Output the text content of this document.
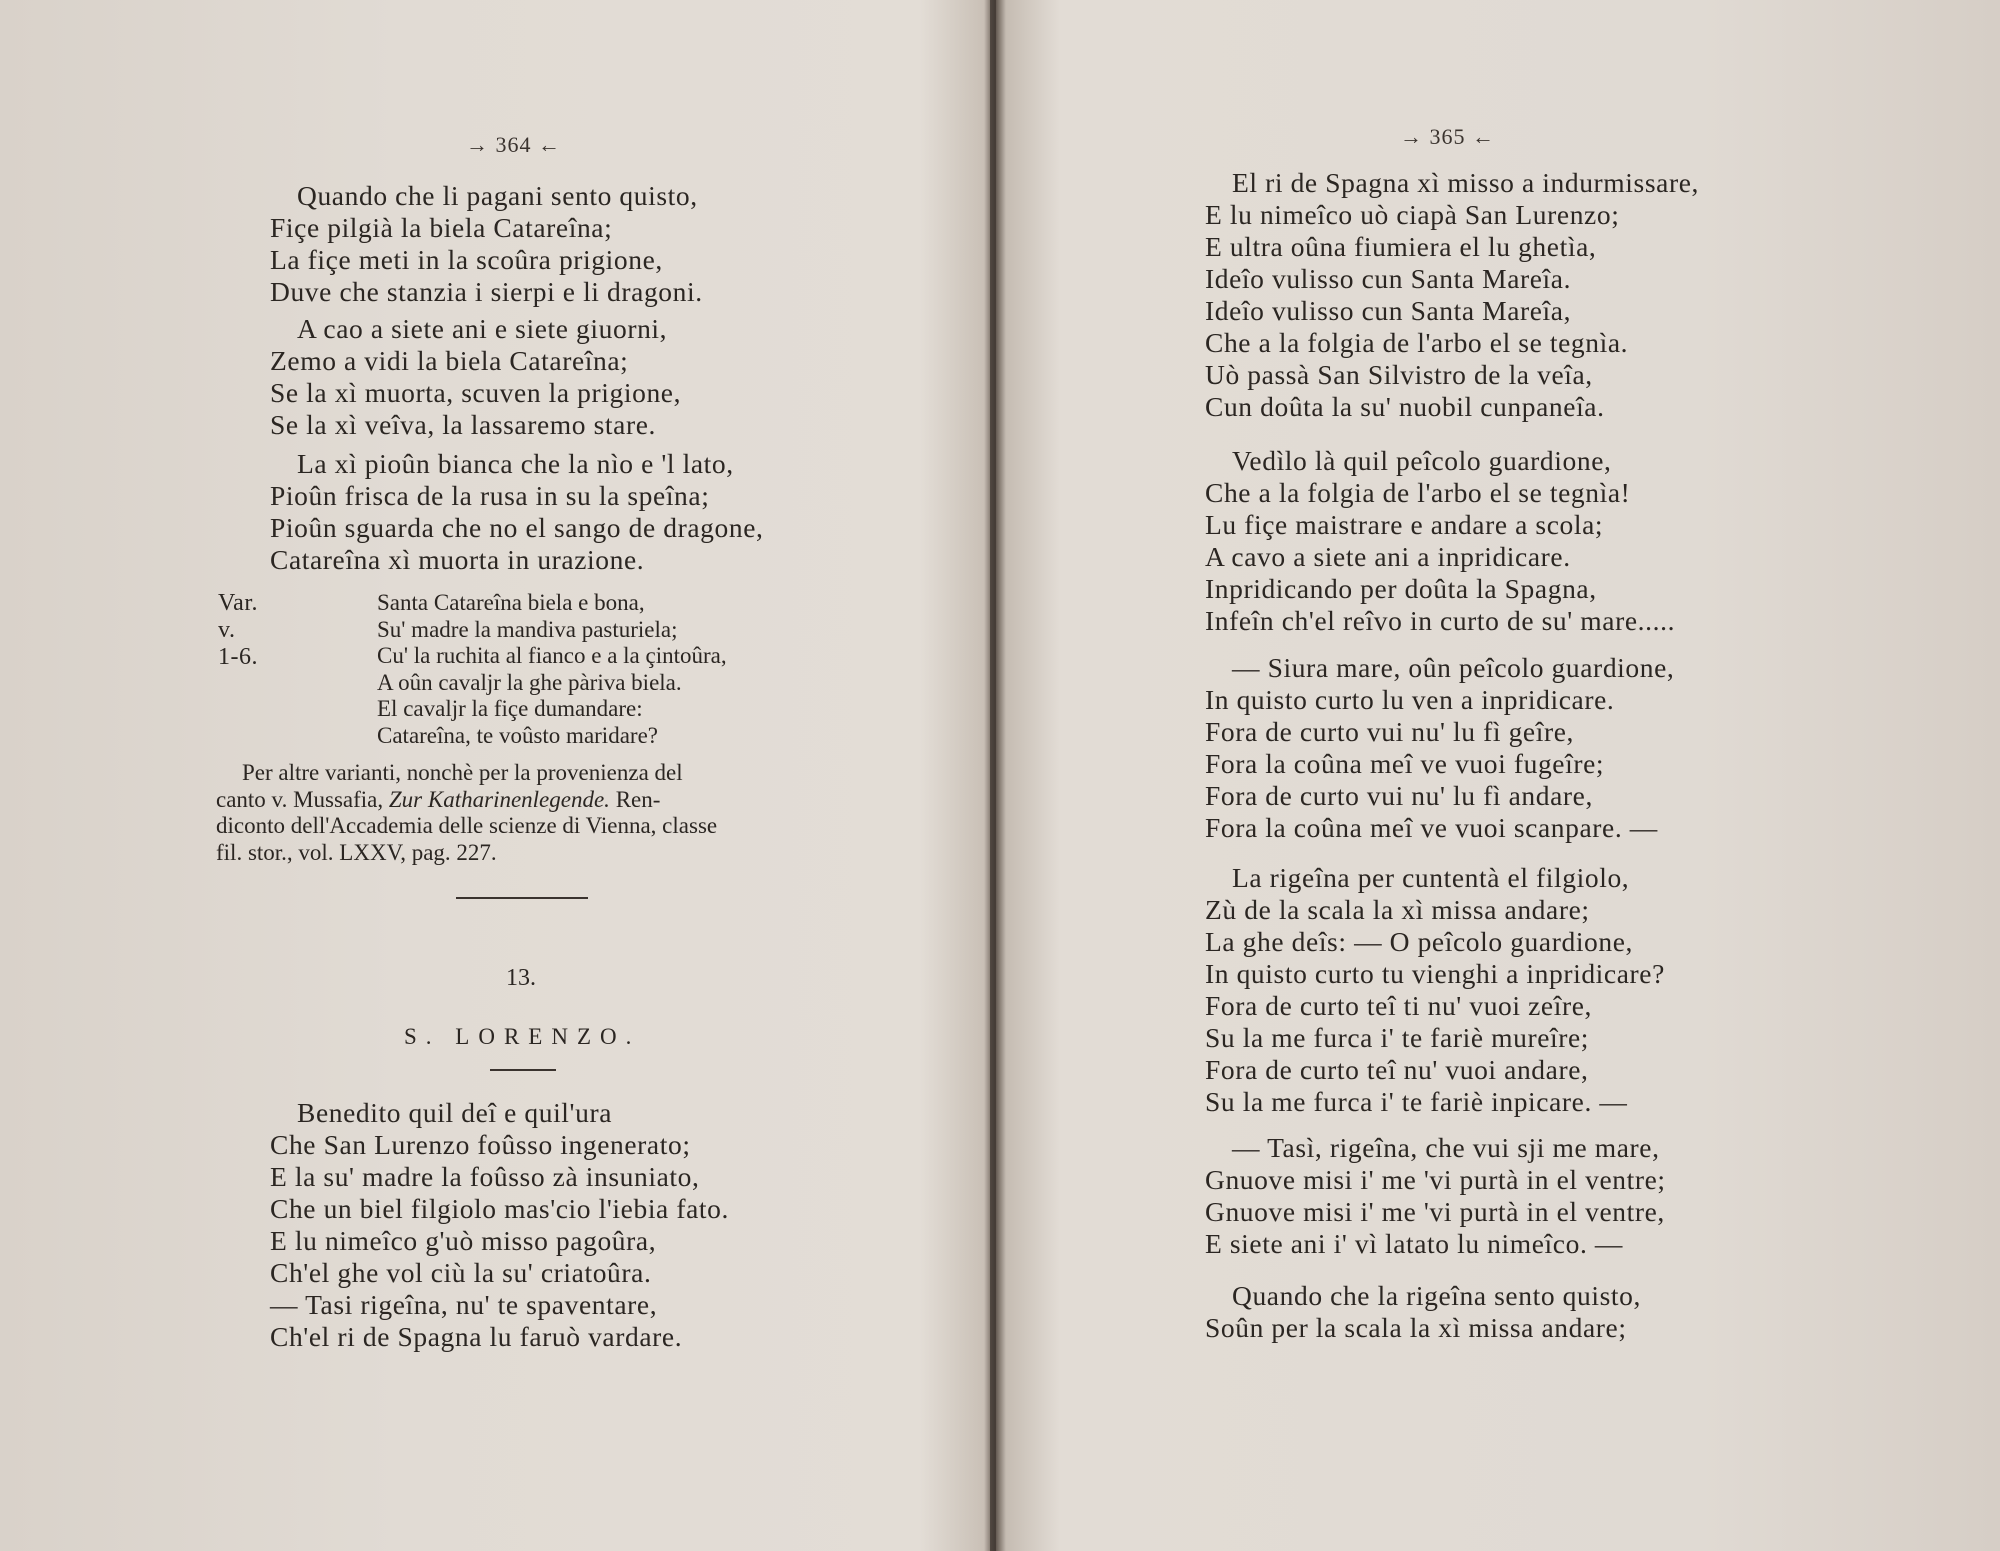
→ 364 ←
Quando che li pagani sento quisto,
Fiçe pilgià la biela Catareîna;
La fiçe meti in la scoûra prigione,
Duve che stanzia i sierpi e li dragoni.
A cao a siete ani e siete giuorni,
Zemo a vidi la biela Catareîna;
Se la xì muorta, scuven la prigione,
Se la xì veîva, la lassaremo stare.
La xì pioûn bianca che la nìo e 'l lato,
Pioûn frisca de la rusa in su la speîna;
Pioûn sguarda che no el sango de dragone,
Catareîna xì muorta in urazione.
Var. v. 1-6.
Santa Catareîna biela e bona,
Su' madre la mandiva pasturiela;
Cu' la ruchita al fianco e a la çintoûra,
A oûn cavaljr la ghe pàriva biela.
El cavaljr la fiçe dumandare:
Catareîna, te voûsto maridare?
Per altre varianti, nonchè per la provenienza del
canto v. Mussafia, Zur Katharinenlegende. Ren-
diconto dell'Accademia delle scienze di Vienna, classe
fil. stor., vol. LXXV, pag. 227.
13.
S. LORENZO.
Benedito quil deî e quil'ura
Che San Lurenzo foûsso ingenerato;
E la su' madre la foûsso zà insuniato,
Che un biel filgiolo mas'cio l'iebia fato.
E lu nimeîco g'uò misso pagoûra,
Ch'el ghe vol ciù la su' criatoûra.
— Tasi rigeîna, nu' te spaventare,
Ch'el ri de Spagna lu faruò vardare.
→ 365 ←
El ri de Spagna xì misso a indurmissare,
E lu nimeîco uò ciapà San Lurenzo;
E ultra oûna fiumiera el lu ghetìa,
Ideîo vulisso cun Santa Mareîa.
Ideîo vulisso cun Santa Mareîa,
Che a la folgia de l'arbo el se tegnìa.
Uò passà San Silvistro de la veîa,
Cun doûta la su' nuobil cunpaneîa.
Vedìlo là quil peîcolo guardione,
Che a la folgia de l'arbo el se tegnìa!
Lu fiçe maistrare e andare a scola;
A cavo a siete ani a inpridicare.
Inpridicando per doûta la Spagna,
Infeîn ch'el reîvo in curto de su' mare.....
— Siura mare, oûn peîcolo guardione,
In quisto curto lu ven a inpridicare.
Fora de curto vui nu' lu fì geîre,
Fora la coûna meî ve vuoi fugeîre;
Fora de curto vui nu' lu fì andare,
Fora la coûna meî ve vuoi scanpare. —
La rigeîna per cuntentà el filgiolo,
Zù de la scala la xì missa andare;
La ghe deîs: — O peîcolo guardione,
In quisto curto tu vienghi a inpridicare?
Fora de curto teî ti nu' vuoi zeîre,
Su la me furca i' te fariè mureîre;
Fora de curto teî nu' vuoi andare,
Su la me furca i' te fariè inpicare. —
— Tasì, rigeîna, che vui sji me mare,
Gnuove misi i' me 'vi purtà in el ventre;
Gnuove misi i' me 'vi purtà in el ventre,
E siete ani i' vì latato lu nimeîco. —
Quando che la rigeîna sento quisto,
Soûn per la scala la xì missa andare;
